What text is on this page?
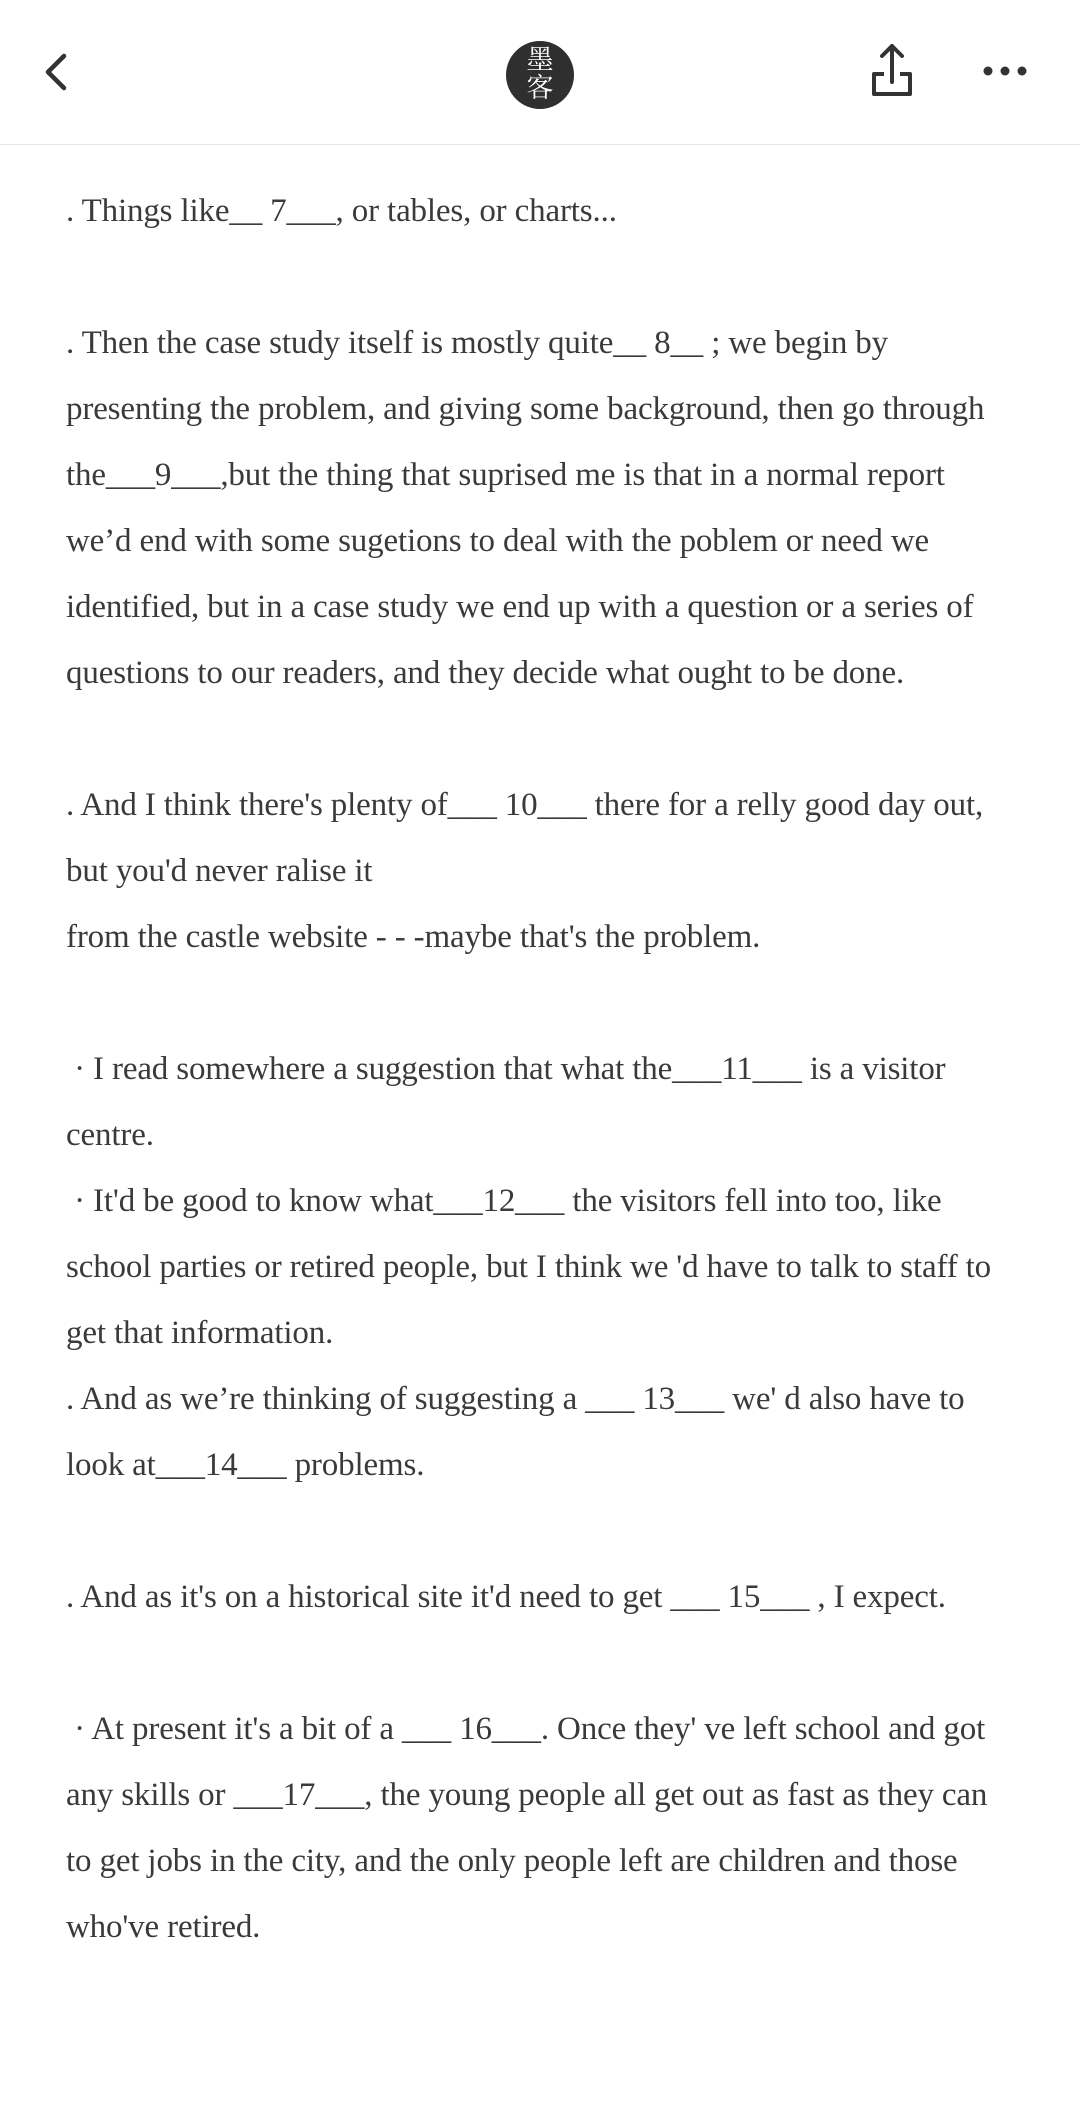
墨
客

. Things like__ 7___, or tables, or charts...

. Then the case study itself is mostly quite__ 8__ ; we begin by presenting the problem, and giving some background, then go through the___9___,but the thing that suprised me is that in a normal report we’d end with some sugetions to deal with the poblem or need we identified, but in a case study we end up with a question or a series of questions to our readers, and they decide what ought to be done.

. And I think there's plenty of___ 10___ there for a relly good day out, but you'd never ralise it

from the castle website - - -maybe that's the problem.

· I read somewhere a suggestion that what the___11___ is a visitor centre.

· It'd be good to know what___12___ the visitors fell into too, like school parties or retired people, but I think we 'd have to talk to staff to get that information.

. And as we’re thinking of suggesting a ___ 13___ we' d also have to look at___14___ problems.

. And as it's on a historical site it'd need to get ___ 15___ , I expect.

· At present it's a bit of a ___ 16___. Once they' ve left school and got any skills or ___17___, the young people all get out as fast as they can to get jobs in the city, and the only people left are children and those who've retired.
